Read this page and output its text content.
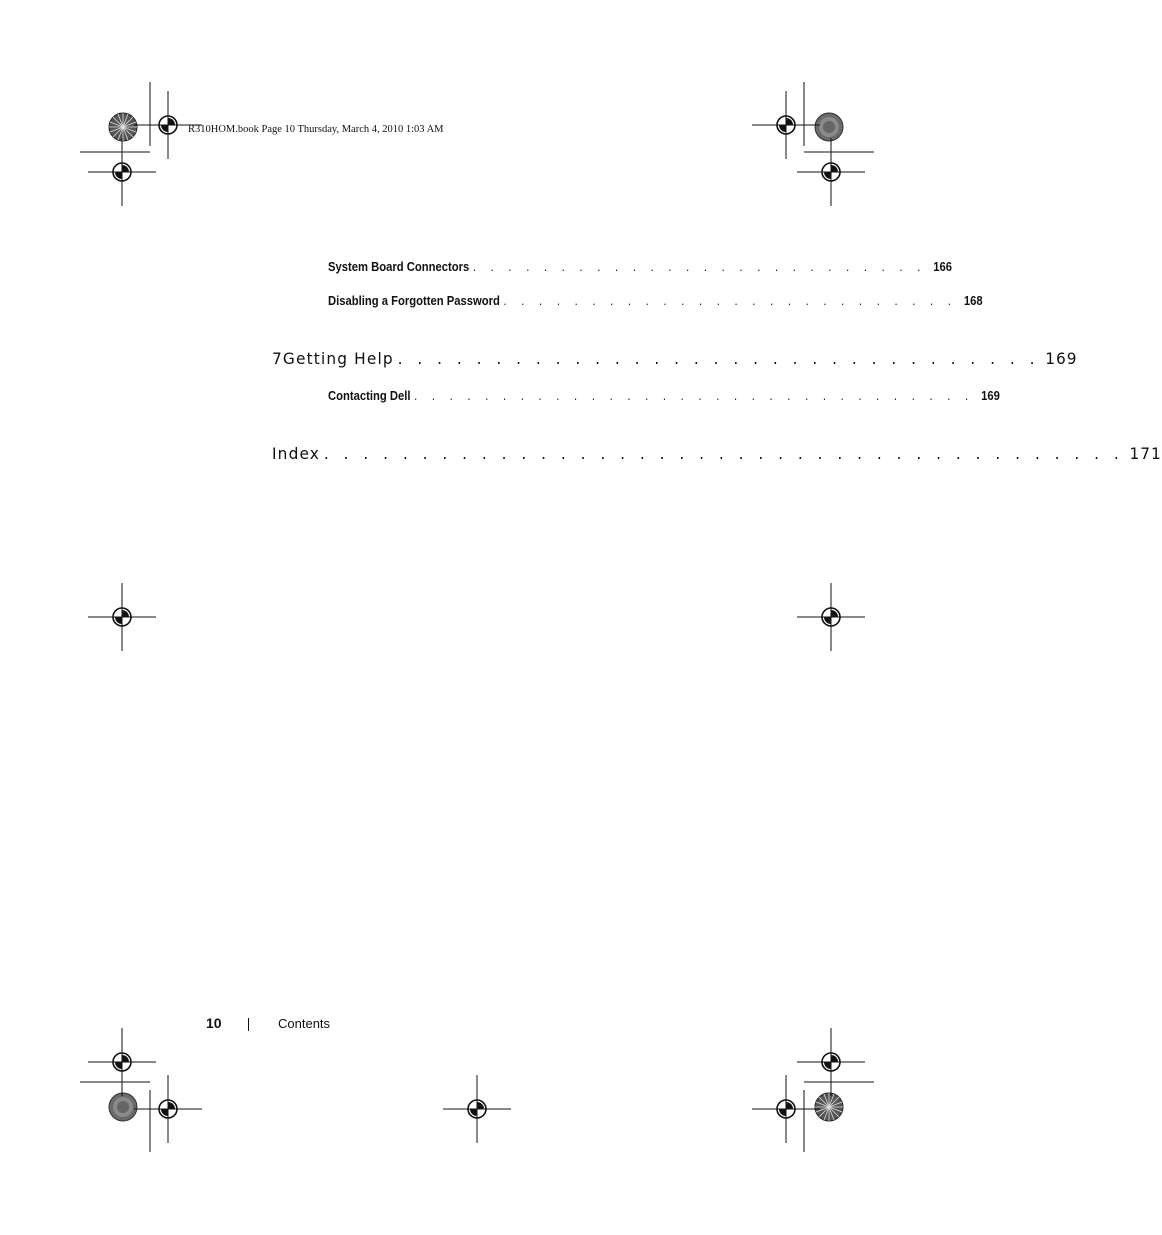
R310HOM.book Page 10 Thursday, March 4, 2010 1:03 AM
System Board Connectors . . . . . . . . . . . . . . . . . . . . . . . . . . 166
Disabling a Forgotten Password . . . . . . . . . . . . . . . . . . . . . . . . . . 168
7 Getting Help . . . . . . . . . . . . . . . . . . . . . . . . . . . . . . . . . 169
Contacting Dell . . . . . . . . . . . . . . . . . . . . . . . . . . . . . . . . 169
Index . . . . . . . . . . . . . . . . . . . . . . . . . . . . . . . . . . . . . . . . . 171
10	Contents
